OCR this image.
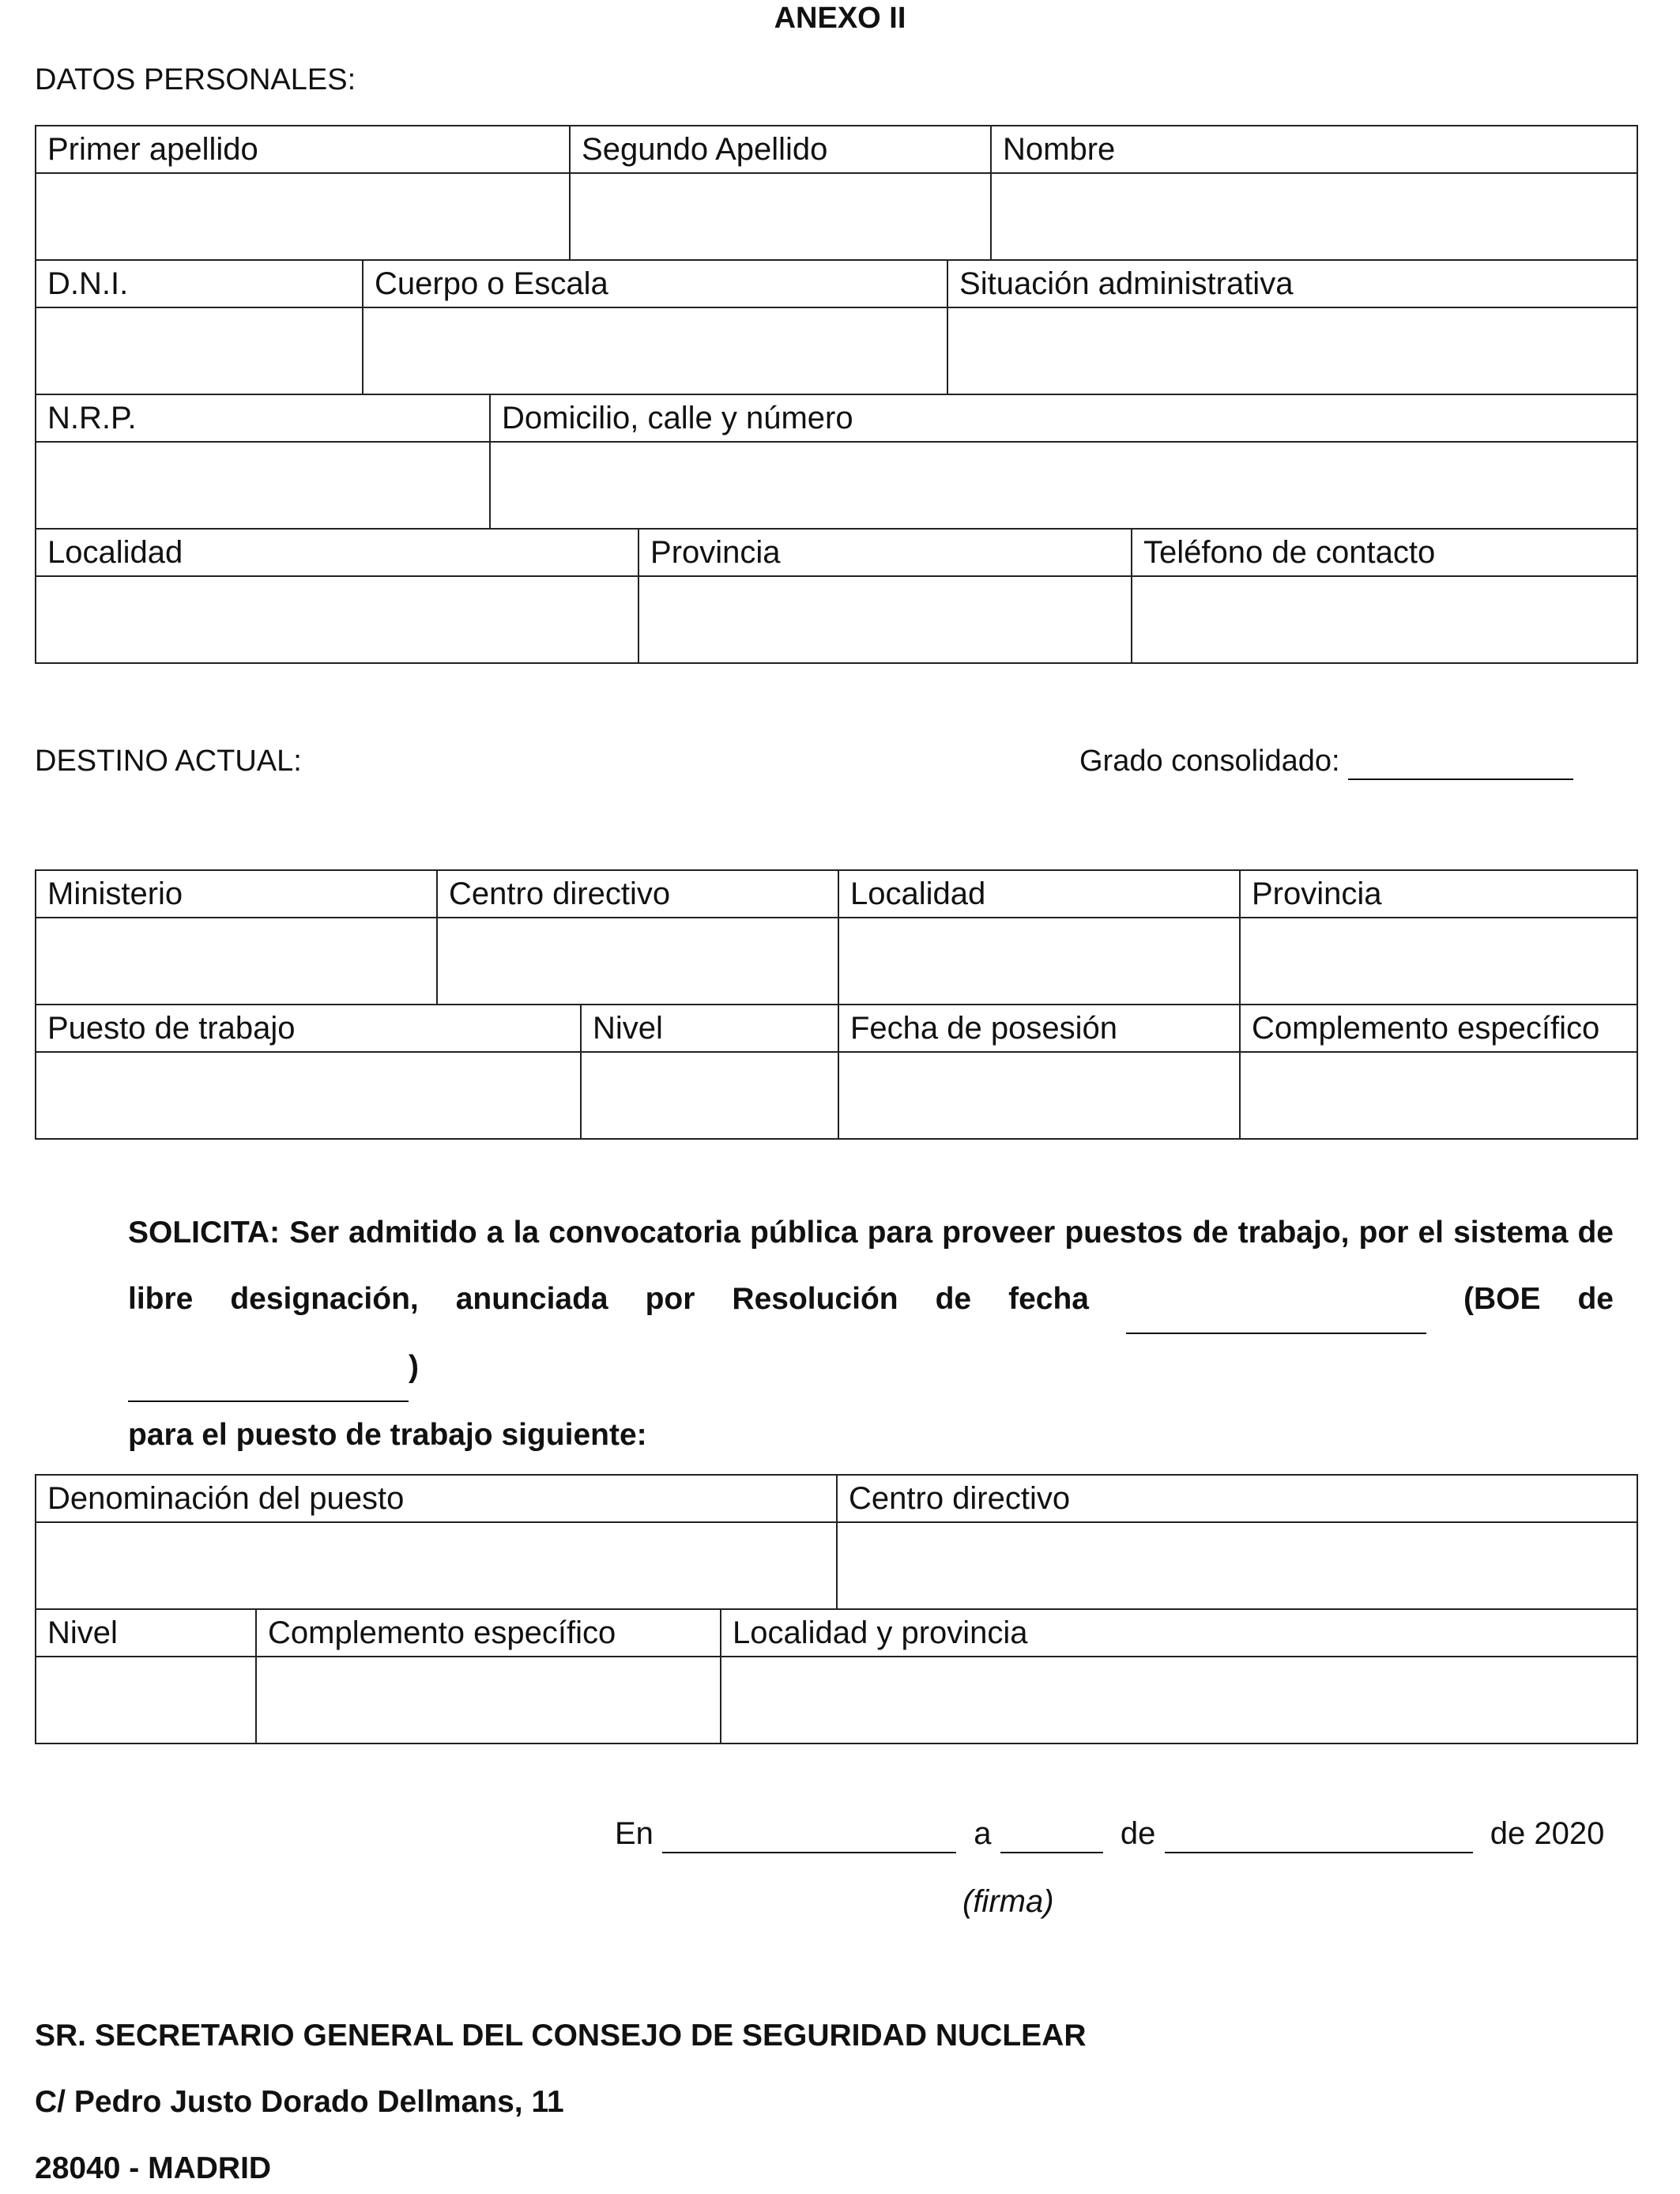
ANEXO II
DATOS PERSONALES:
Primer apellido			Segundo Apellido			Nombre	

D.N.I.	Cuerpo o Escala				Situación administrativa		

N.R.P.		Domicilio, calle y número					

Localidad				Provincia			Teléfono de contacto

DESTINO ACTUAL:	Grado consolidado:
Ministerio	Centro directivo		Localidad	Provincia

Puesto de trabajo		Nivel	Fecha de posesión	Complemento específico

SOLICITA: Ser admitido a la convocatoria pública para proveer puestos de trabajo, por el sistema de libre designación, anunciada por Resolución de fecha	(BOE de  )
para el puesto de trabajo siguiente:
Denominación del puesto			Centro directivo

Nivel	Complemento específico	Localidad y provincia	

En	a	de	de 2020
(firma)
SR. SECRETARIO GENERAL DEL CONSEJO DE SEGURIDAD NUCLEAR
C/ Pedro Justo Dorado Dellmans, 11
28040 - MADRID
